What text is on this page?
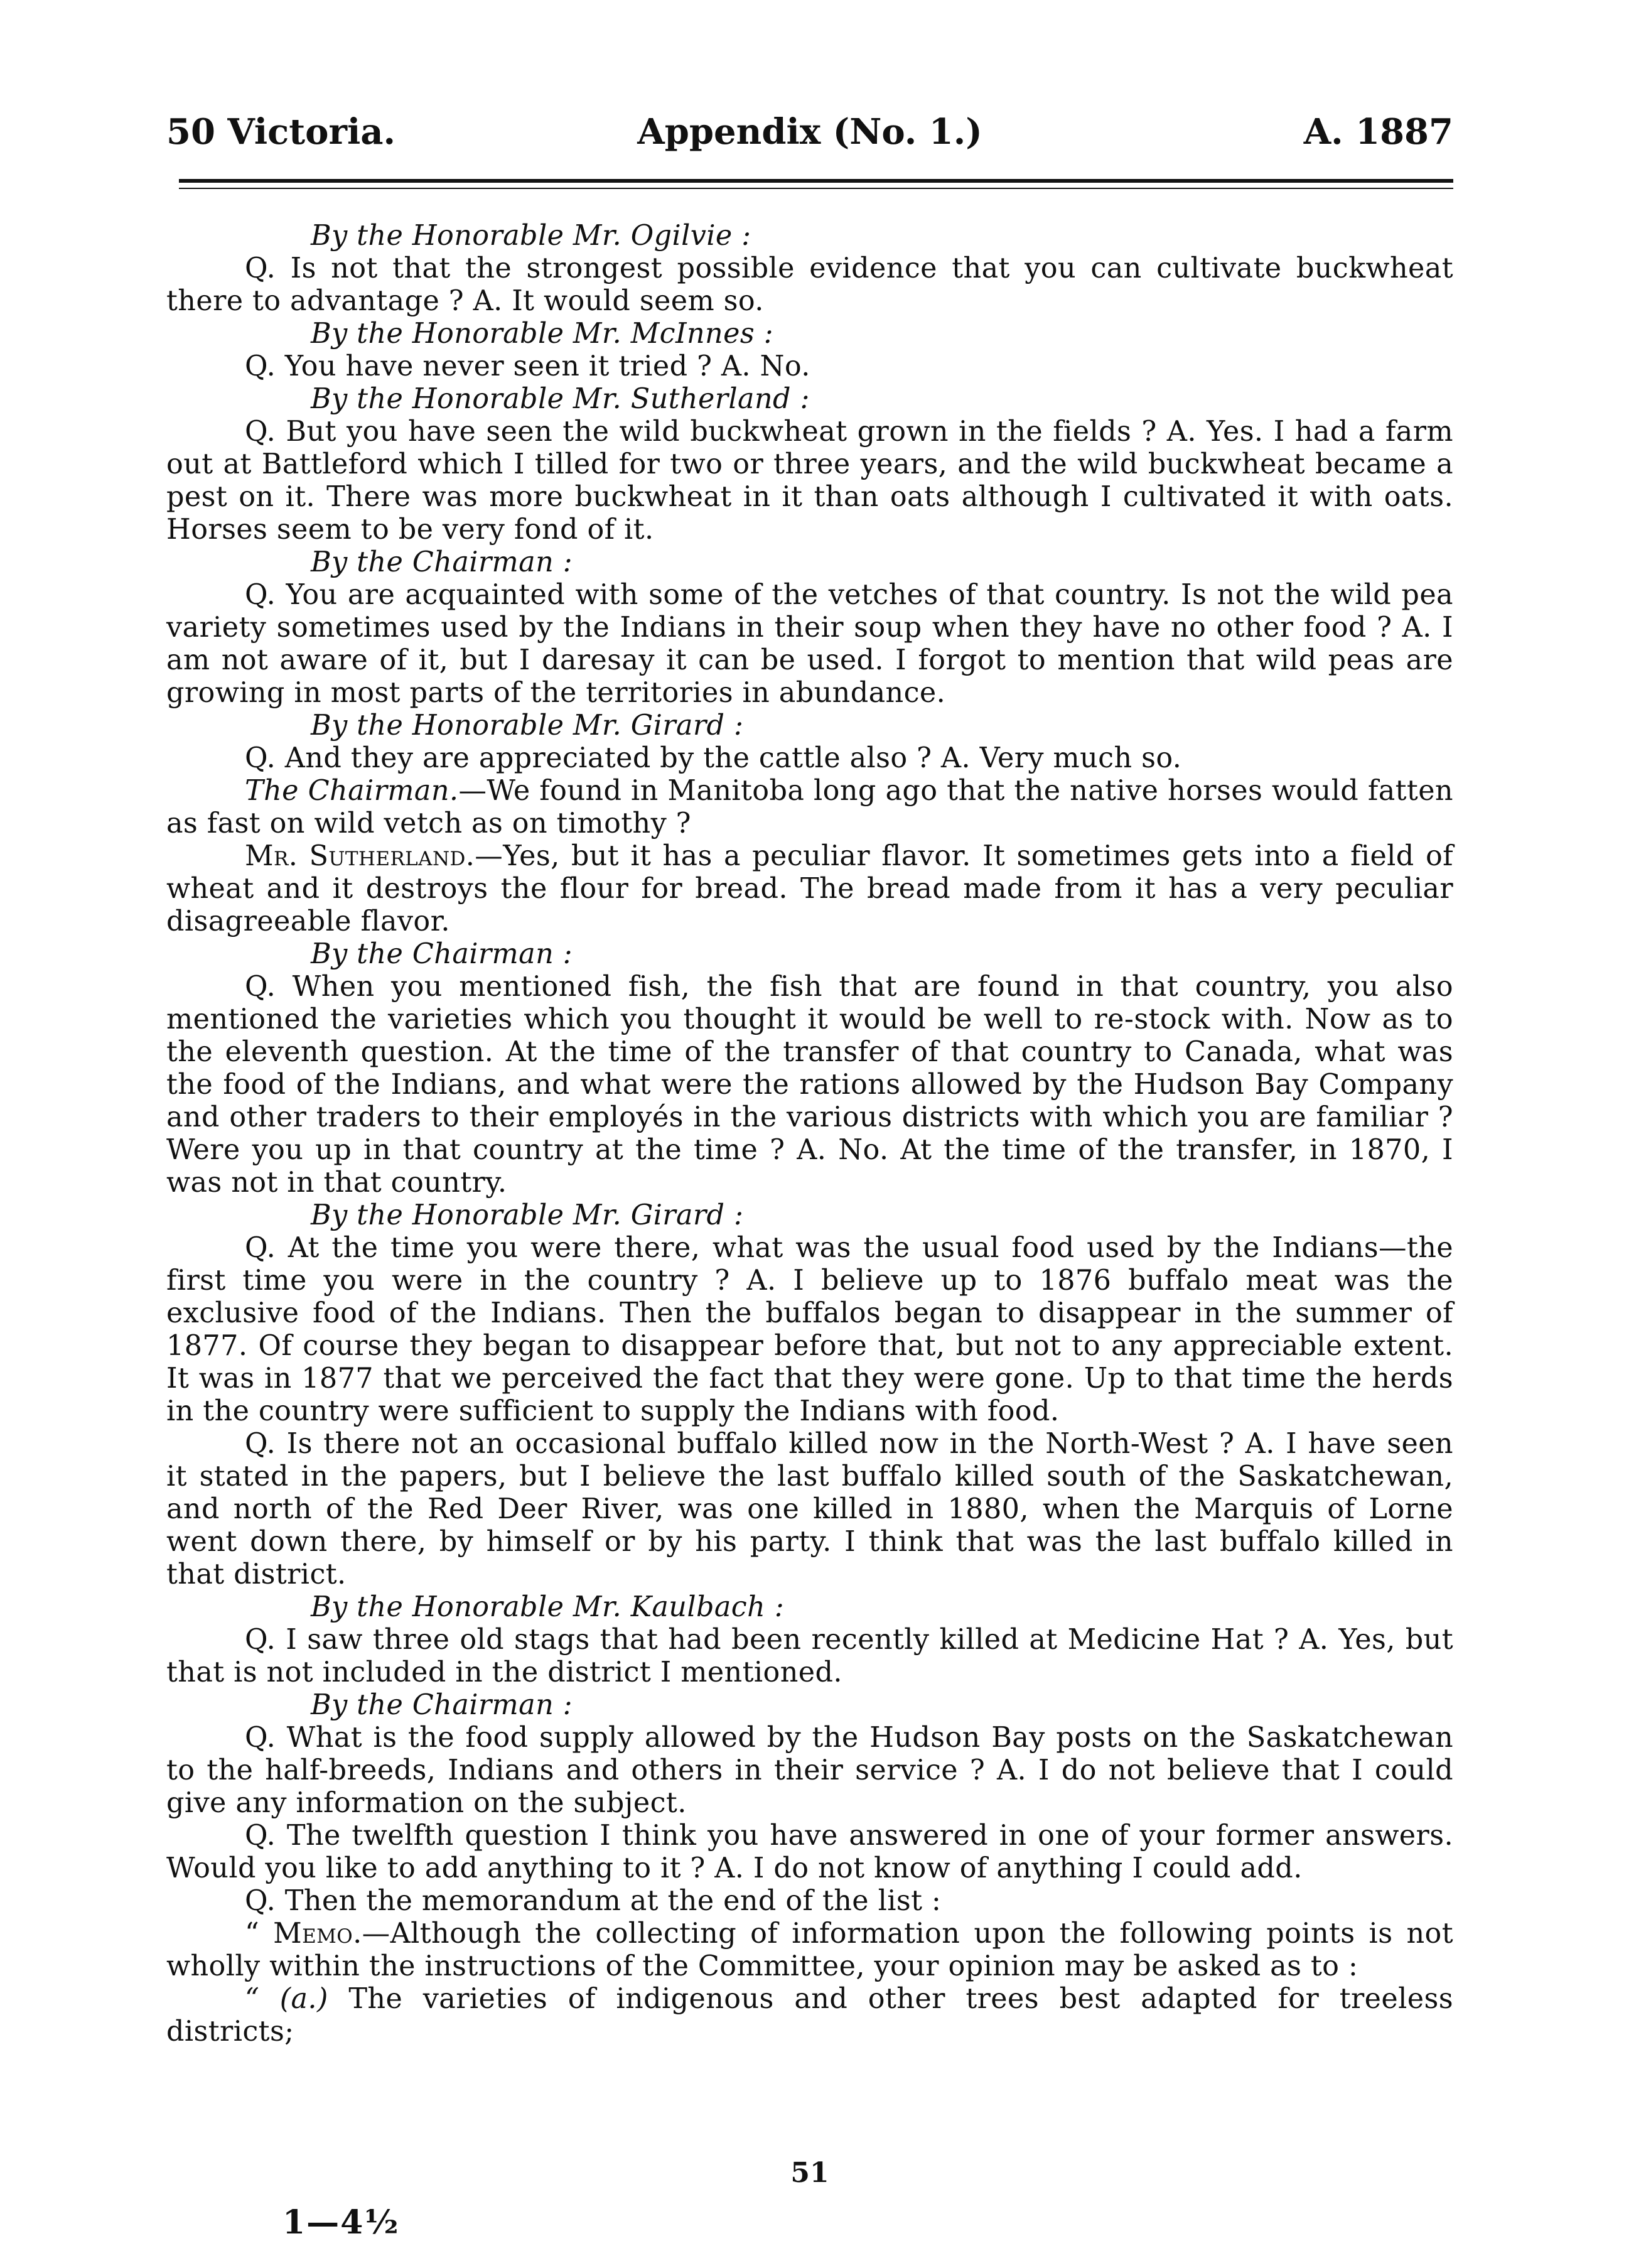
50 Victoria.	Appendix (No. 1.)	A. 1887

By the Honorable Mr. Ogilvie :

Q. Is not that the strongest possible evidence that you can cultivate buckwheat there to advantage ? A. It would seem so.

By the Honorable Mr. McInnes :

Q. You have never seen it tried ? A. No.

By the Honorable Mr. Sutherland :

Q. But you have seen the wild buckwheat grown in the fields ? A. Yes. I had a farm out at Battleford which I tilled for two or three years, and the wild buckwheat became a pest on it. There was more buckwheat in it than oats although I cultivated it with oats. Horses seem to be very fond of it.

By the Chairman :

Q. You are acquainted with some of the vetches of that country. Is not the wild pea variety sometimes used by the Indians in their soup when they have no other food ? A. I am not aware of it, but I daresay it can be used. I forgot to mention that wild peas are growing in most parts of the territories in abundance.

By the Honorable Mr. Girard :

Q. And they are appreciated by the cattle also ? A. Very much so.

The Chairman.—We found in Manitoba long ago that the native horses would fatten as fast on wild vetch as on timothy ?

Mr. Sutherland.—Yes, but it has a peculiar flavor. It sometimes gets into a field of wheat and it destroys the flour for bread. The bread made from it has a very peculiar disagreeable flavor.

By the Chairman :

Q. When you mentioned fish, the fish that are found in that country, you also mentioned the varieties which you thought it would be well to re-stock with. Now as to the eleventh question. At the time of the transfer of that country to Canada, what was the food of the Indians, and what were the rations allowed by the Hudson Bay Company and other traders to their employés in the various districts with which you are familiar ? Were you up in that country at the time ? A. No. At the time of the transfer, in 1870, I was not in that country.

By the Honorable Mr. Girard :

Q. At the time you were there, what was the usual food used by the Indians—the first time you were in the country ? A. I believe up to 1876 buffalo meat was the exclusive food of the Indians. Then the buffalos began to disappear in the summer of 1877. Of course they began to disappear before that, but not to any appreciable extent. It was in 1877 that we perceived the fact that they were gone. Up to that time the herds in the country were sufficient to supply the Indians with food.

Q. Is there not an occasional buffalo killed now in the North-West ? A. I have seen it stated in the papers, but I believe the last buffalo killed south of the Saskatchewan, and north of the Red Deer River, was one killed in 1880, when the Marquis of Lorne went down there, by himself or by his party. I think that was the last buffalo killed in that district.

By the Honorable Mr. Kaulbach :

Q. I saw three old stags that had been recently killed at Medicine Hat ? A. Yes, but that is not included in the district I mentioned.

By the Chairman :

Q. What is the food supply allowed by the Hudson Bay posts on the Saskatchewan to the half-breeds, Indians and others in their service ? A. I do not believe that I could give any information on the subject.

Q. The twelfth question I think you have answered in one of your former answers. Would you like to add anything to it ? A. I do not know of anything I could add.

Q. Then the memorandum at the end of the list :

“ Memo.—Although the collecting of information upon the following points is not wholly within the instructions of the Committee, your opinion may be asked as to :

“ (a.) The varieties of indigenous and other trees best adapted for treeless districts;

51
1—4½
